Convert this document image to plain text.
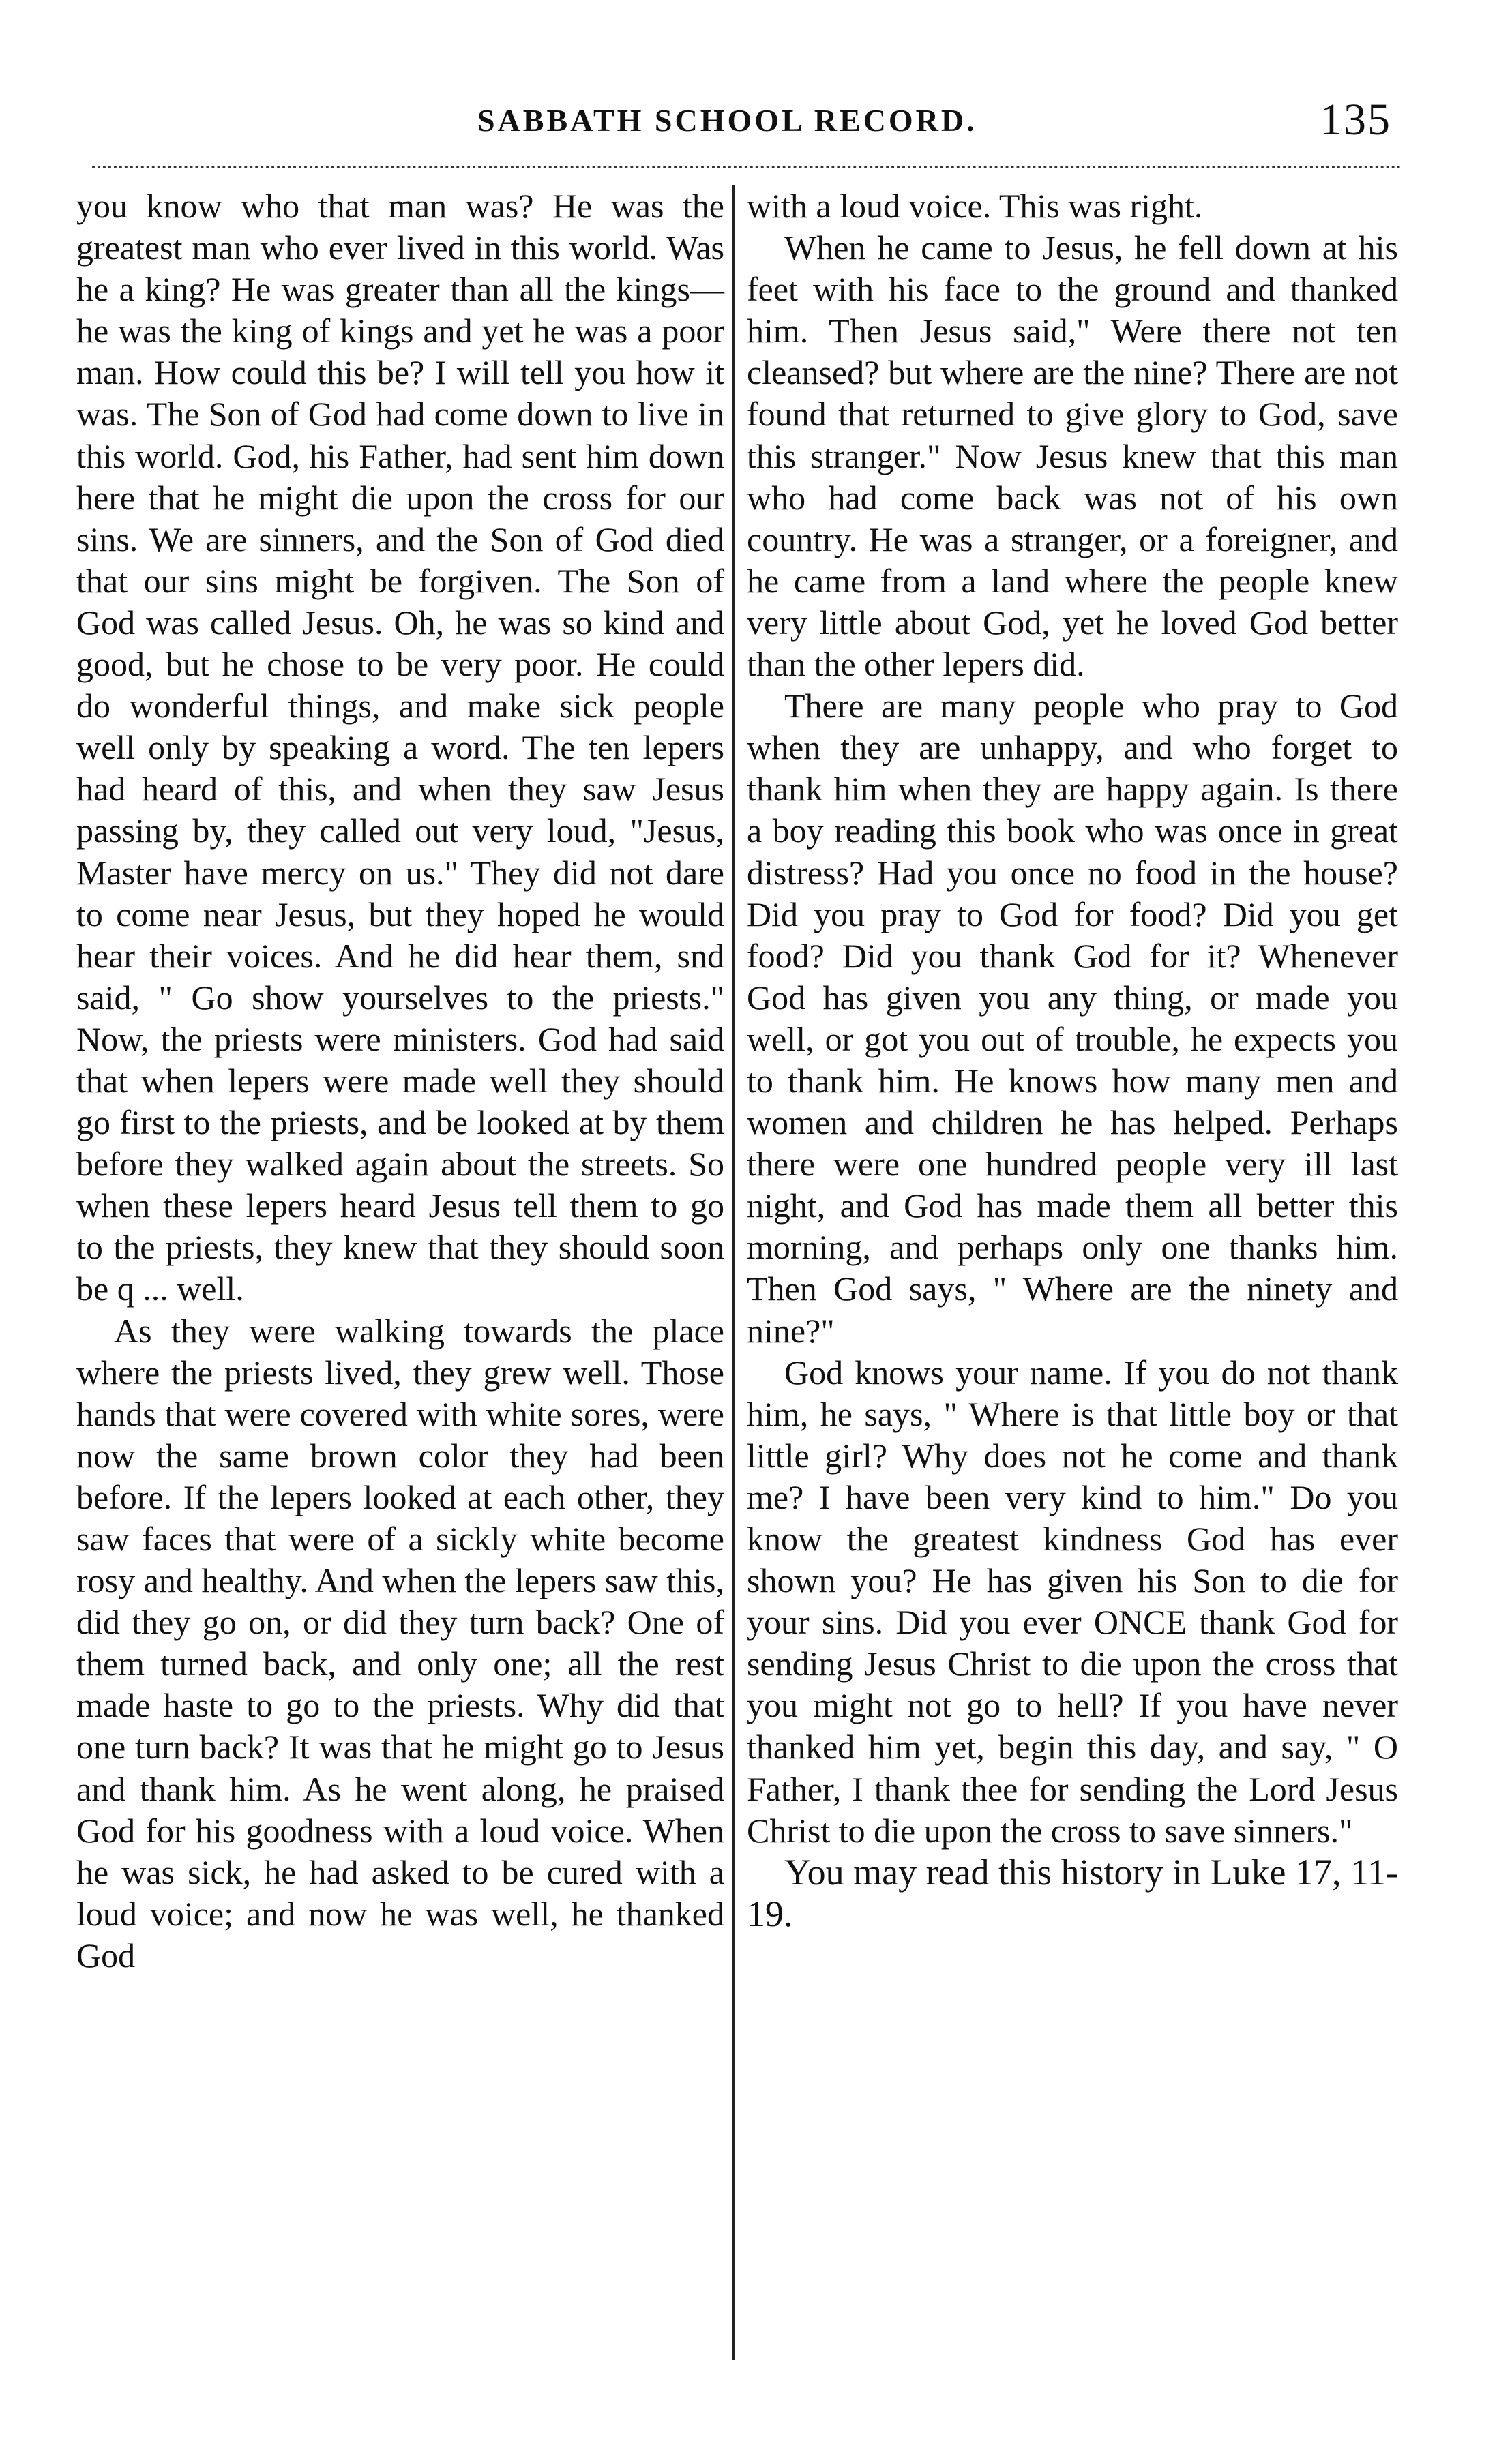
SABBATH SCHOOL RECORD.	135

you know who that man was? He was the greatest man who ever lived in this world. Was he a king? He was greater than all the kings—he was the king of kings and yet he was a poor man. How could this be? I will tell you how it was. The Son of God had come down to live in this world. God, his Father, had sent him down here that he might die upon the cross for our sins. We are sinners, and the Son of God died that our sins might be forgiven. The Son of God was called Jesus. Oh, he was so kind and good, but he chose to be very poor. He could do wonderful things, and make sick people well only by speaking a word. The ten lepers had heard of this, and when they saw Jesus passing by, they called out very loud, "Jesus, Master have mercy on us." They did not dare to come near Jesus, but they hoped he would hear their voices. And he did hear them, snd said, " Go show yourselves to the priests." Now, the priests were ministers. God had said that when lepers were made well they should go first to the priests, and be looked at by them before they walked again about the streets. So when these lepers heard Jesus tell them to go to the priests, they knew that they should soon be q ... well.

As they were walking towards the place where the priests lived, they grew well. Those hands that were covered with white sores, were now the same brown color they had been before. If the lepers looked at each other, they saw faces that were of a sickly white become rosy and healthy. And when the lepers saw this, did they go on, or did they turn back? One of them turned back, and only one; all the rest made haste to go to the priests. Why did that one turn back? It was that he might go to Jesus and thank him. As he went along, he praised God for his goodness with a loud voice. When he was sick, he had asked to be cured with a loud voice; and now he was well, he thanked God

with a loud voice. This was right.

When he came to Jesus, he fell down at his feet with his face to the ground and thanked him. Then Jesus said," Were there not ten cleansed? but where are the nine? There are not found that returned to give glory to God, save this stranger." Now Jesus knew that this man who had come back was not of his own country. He was a stranger, or a foreigner, and he came from a land where the people knew very little about God, yet he loved God better than the other lepers did.

There are many people who pray to God when they are unhappy, and who forget to thank him when they are happy again. Is there a boy reading this book who was once in great distress? Had you once no food in the house? Did you pray to God for food? Did you get food? Did you thank God for it? Whenever God has given you any thing, or made you well, or got you out of trouble, he expects you to thank him. He knows how many men and women and children he has helped. Perhaps there were one hundred people very ill last night, and God has made them all better this morning, and perhaps only one thanks him. Then God says, " Where are the ninety and nine?"

God knows your name. If you do not thank him, he says, " Where is that little boy or that little girl? Why does not he come and thank me? I have been very kind to him." Do you know the greatest kindness God has ever shown you? He has given his Son to die for your sins. Did you ever ONCE thank God for sending Jesus Christ to die upon the cross that you might not go to hell? If you have never thanked him yet, begin this day, and say, " O Father, I thank thee for sending the Lord Jesus Christ to die upon the cross to save sinners."

You may read this history in Luke 17, 11-19.
